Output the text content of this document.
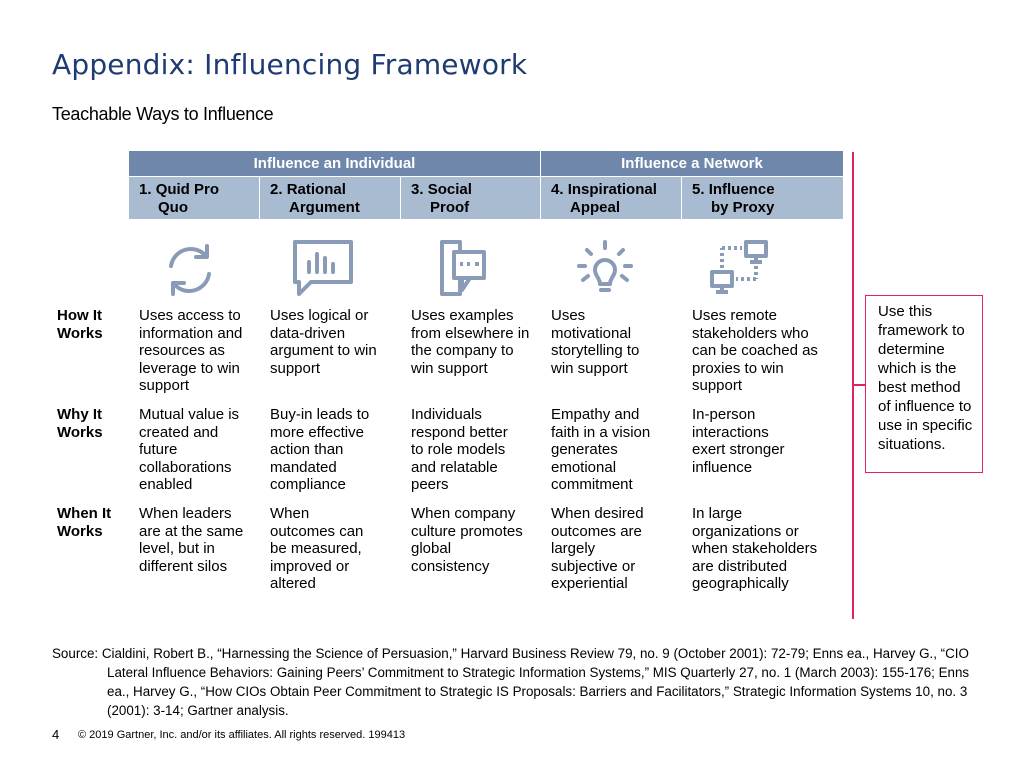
Appendix: Influencing Framework
Teachable Ways to Influence
Influence an Individual	Influence a Network
1. Quid Pro
Quo
2. Rational
Argument
3. Social
Proof
4. Inspirational
Appeal
5. Influence
by Proxy
How It Works
Why It Works
When It Works
Uses access to information and resources as leverage to win support
Uses logical or data-driven argument to win support
Uses examples from elsewhere in the company to win support
Uses motivational storytelling to win support
Uses remote stakeholders who can be coached as proxies to win support
Mutual value is created and future collaborations enabled
Buy-in leads to more effective action than mandated compliance
Individuals respond better to role models and relatable peers
Empathy and faith in a vision generates emotional commitment
In-person interactions exert stronger influence
When leaders are at the same level, but in different silos
When outcomes can be measured, improved or altered
When company culture promotes global consistency
When desired outcomes are largely subjective or experiential
In large organizations or when stakeholders are distributed geographically
Use this framework to determine which is the best method of influence to use in specific situations.
Source: Cialdini, Robert B., “Harnessing the Science of Persuasion,” Harvard Business Review 79, no. 9 (October 2001): 72-79; Enns ea., Harvey G., “CIO Lateral Influence Behaviors: Gaining Peers’ Commitment to Strategic Information Systems,” MIS Quarterly 27, no. 1 (March 2003): 155-176; Enns ea., Harvey G., “How CIOs Obtain Peer Commitment to Strategic IS Proposals: Barriers and Facilitators,” Strategic Information Systems 10, no. 3 (2001): 3-14; Gartner analysis.
4 © 2019 Gartner, Inc. and/or its affiliates. All rights reserved. 199413
